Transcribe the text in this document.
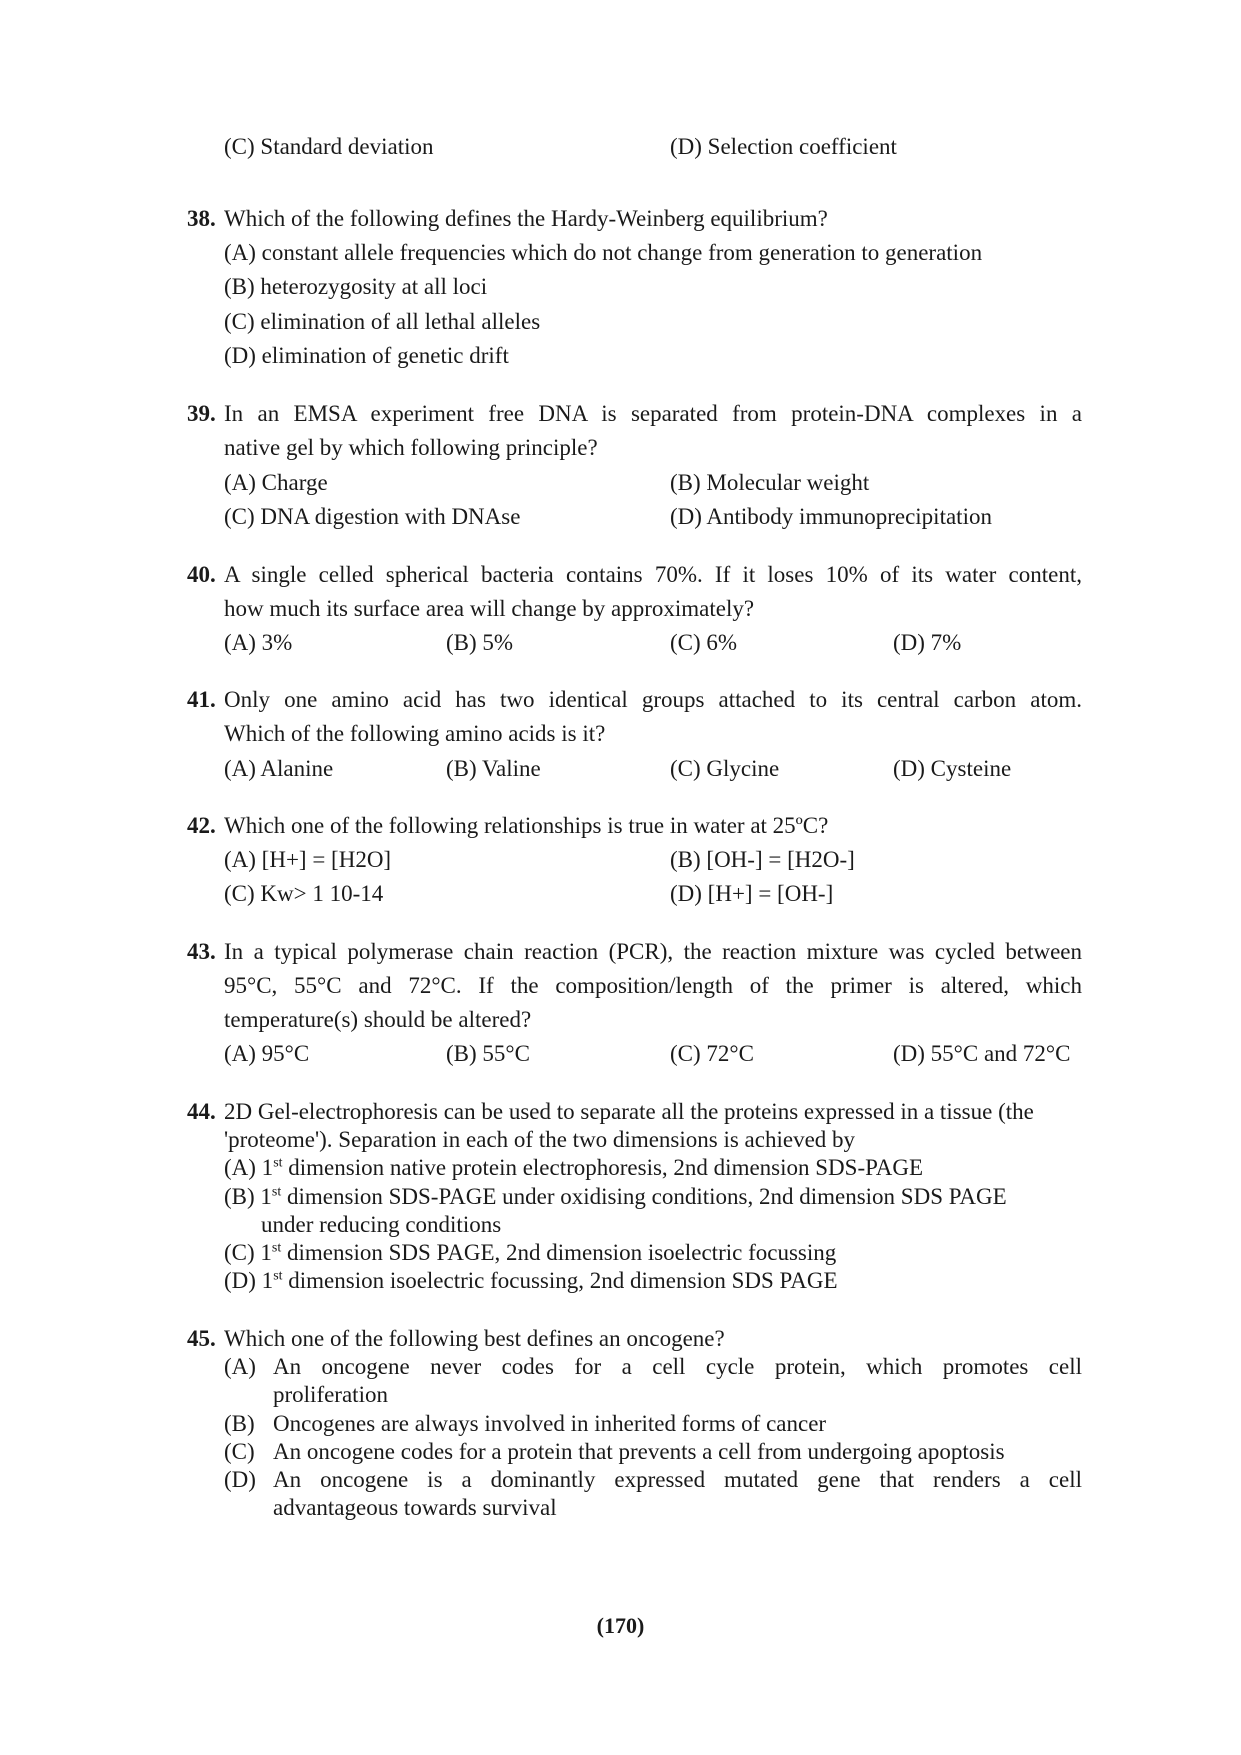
(C) Standard deviation	(D) Selection coefficient
38. Which of the following defines the Hardy-Weinberg equilibrium?
(A) constant allele frequencies which do not change from generation to generation
(B) heterozygosity at all loci
(C) elimination of all lethal alleles
(D) elimination of genetic drift
39. In an EMSA experiment free DNA is separated from protein-DNA complexes in a
native gel by which following principle?
(A) Charge	(B) Molecular weight
(C) DNA digestion with DNAse	(D) Antibody immunoprecipitation
40. A single celled spherical bacteria contains 70%. If it loses 10% of its water content,
how much its surface area will change by approximately?
(A) 3%	(B) 5%	(C) 6%	(D) 7%
41. Only one amino acid has two identical groups attached to its central carbon atom.
Which of the following amino acids is it?
(A) Alanine	(B) Valine	(C) Glycine	(D) Cysteine
42. Which one of the following relationships is true in water at 25ºC?
(A) [H+] = [H2O]	(B) [OH-] = [H2O-]
(C) Kw> 1 10-14	(D) [H+] = [OH-]
43. In a typical polymerase chain reaction (PCR), the reaction mixture was cycled between
95°C, 55°C and 72°C. If the composition/length of the primer is altered, which
temperature(s) should be altered?
(A) 95°C	(B) 55°C	(C) 72°C	(D) 55°C and 72°C
44. 2D Gel-electrophoresis can be used to separate all the proteins expressed in a tissue (the
'proteome'). Separation in each of the two dimensions is achieved by
(A) 1st dimension native protein electrophoresis, 2nd dimension SDS-PAGE
(B) 1st dimension SDS-PAGE under oxidising conditions, 2nd dimension SDS PAGE
under reducing conditions
(C) 1st dimension SDS PAGE, 2nd dimension isoelectric focussing
(D) 1st dimension isoelectric focussing, 2nd dimension SDS PAGE
45. Which one of the following best defines an oncogene?
(A) An oncogene never codes for a cell cycle protein, which promotes cell
proliferation
(B) Oncogenes are always involved in inherited forms of cancer
(C) An oncogene codes for a protein that prevents a cell from undergoing apoptosis
(D) An oncogene is a dominantly expressed mutated gene that renders a cell
advantageous towards survival
(170)
